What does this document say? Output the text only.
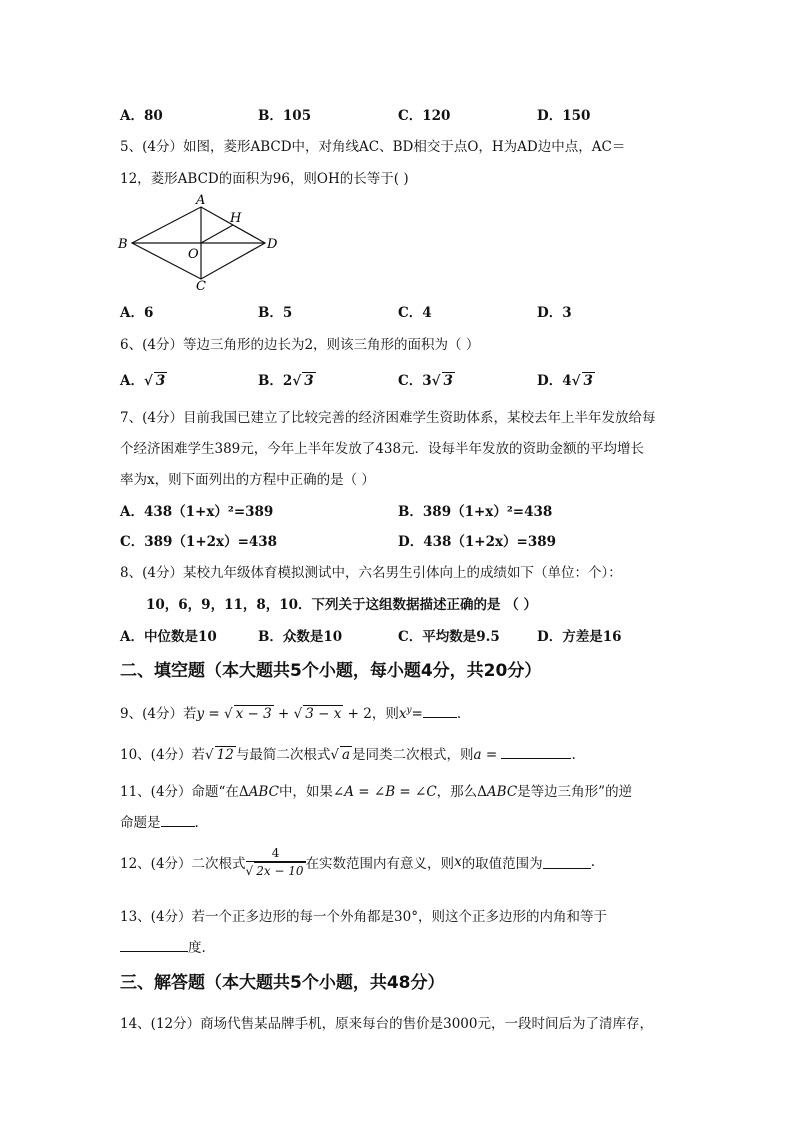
A．80	B．105	C．120	D．150
5、(4分）如图，菱形ABCD中，对角线AC、BD相交于点O，H为AD边中点，AC＝
12，菱形ABCD的面积为96，则OH的长等于( )
A
B
C
D
O
H
A．6	B．5	C．4	D．3
6、(4分）等边三角形的边长为2，则该三角形的面积为（ ）
A．√ 3	B．2√ 3	C．3√ 3	D．4√ 3
7、(4分）目前我国已建立了比较完善的经济困难学生资助体系，某校去年上半年发放给每
个经济困难学生389元，今年上半年发放了438元．设每半年发放的资助金额的平均增长
率为x，则下面列出的方程中正确的是（ ）
A．438（1+x）²=389	B．389（1+x）²=438
C．389（1+2x）=438	D．438（1+2x）=389
8、(4分）某校九年级体育模拟测试中，六名男生引体向上的成绩如下（单位：个）：
10，6，9，11，8，10．下列关于这组数据描述正确的是 （ ）
A．中位数是10	B．众数是10	C．平均数是9.5	D．方差是16
二、填空题（本大题共5个小题，每小题4分，共20分）
9、(4分）若y = √ x − 3 + √ 3 − x + 2，则$x^y=$	.
10、(4分）若√ 12 与最简二次根式√ a 是同类二次根式，则a =	.
11、(4分）命题“在ΔABC中，如果∠A = ∠B = ∠C，那么ΔABC是等边三角形”的逆
命题是	.
12、(4分）二次根式 $\frac{4}{√ 2x - 10}$ 在实数范围内有意义，则x的取值范围为	.
13、(4分）若一个正多边形的每一个外角都是30°，则这个正多边形的内角和等于
度.
三、解答题（本大题共5个小题，共48分）
14、(12分）商场代售某品牌手机，原来每台的售价是3000元，一段时间后为了清库存，
